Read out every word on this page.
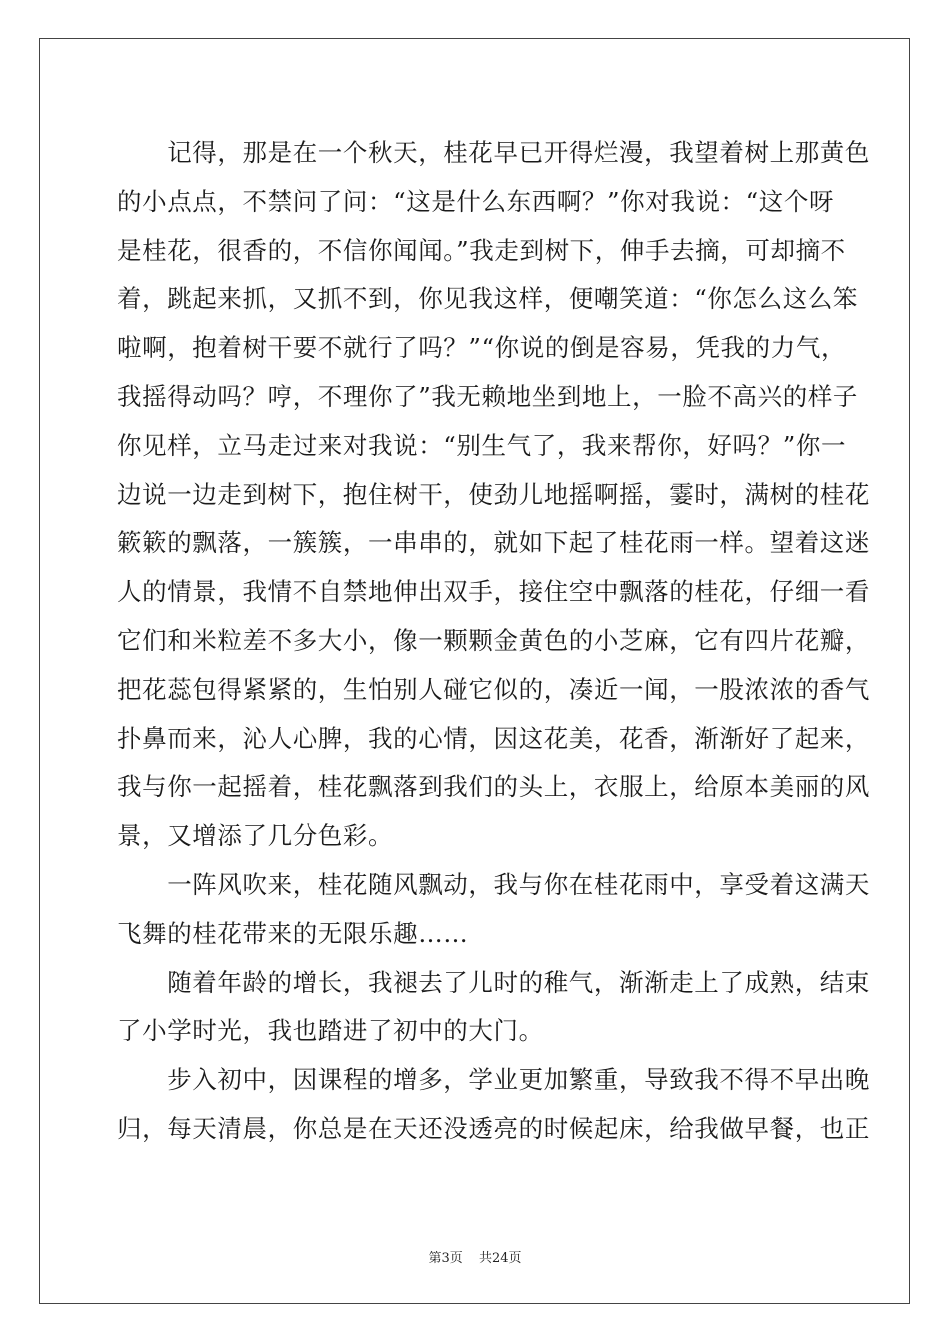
　　记得，那是在一个秋天，桂花早已开得烂漫，我望着树上那黄色
的小点点，不禁问了问：“这是什么东西啊？”你对我说：“这个呀
是桂花，很香的，不信你闻闻。”我走到树下，伸手去摘，可却摘不
着，跳起来抓，又抓不到，你见我这样，便嘲笑道：“你怎么这么笨
啦啊，抱着树干要不就行了吗？”“你说的倒是容易，凭我的力气，
我摇得动吗？哼，不理你了”我无赖地坐到地上，一脸不高兴的样子
你见样，立马走过来对我说：“别生气了，我来帮你，好吗？”你一
边说一边走到树下，抱住树干，使劲儿地摇啊摇，霎时，满树的桂花
簌簌的飘落，一簇簇，一串串的，就如下起了桂花雨一样。望着这迷
人的情景，我情不自禁地伸出双手，接住空中飘落的桂花，仔细一看
它们和米粒差不多大小，像一颗颗金黄色的小芝麻，它有四片花瓣，
把花蕊包得紧紧的，生怕别人碰它似的，凑近一闻，一股浓浓的香气
扑鼻而来，沁人心脾，我的心情，因这花美，花香，渐渐好了起来，
我与你一起摇着，桂花飘落到我们的头上，衣服上，给原本美丽的风
景，又增添了几分色彩。
　　一阵风吹来，桂花随风飘动，我与你在桂花雨中，享受着这满天
飞舞的桂花带来的无限乐趣……
　　随着年龄的增长，我褪去了儿时的稚气，渐渐走上了成熟，结束
了小学时光，我也踏进了初中的大门。
　　步入初中，因课程的增多，学业更加繁重，导致我不得不早出晚
归，每天清晨，你总是在天还没透亮的时候起床，给我做早餐，也正
第3页 共24页
